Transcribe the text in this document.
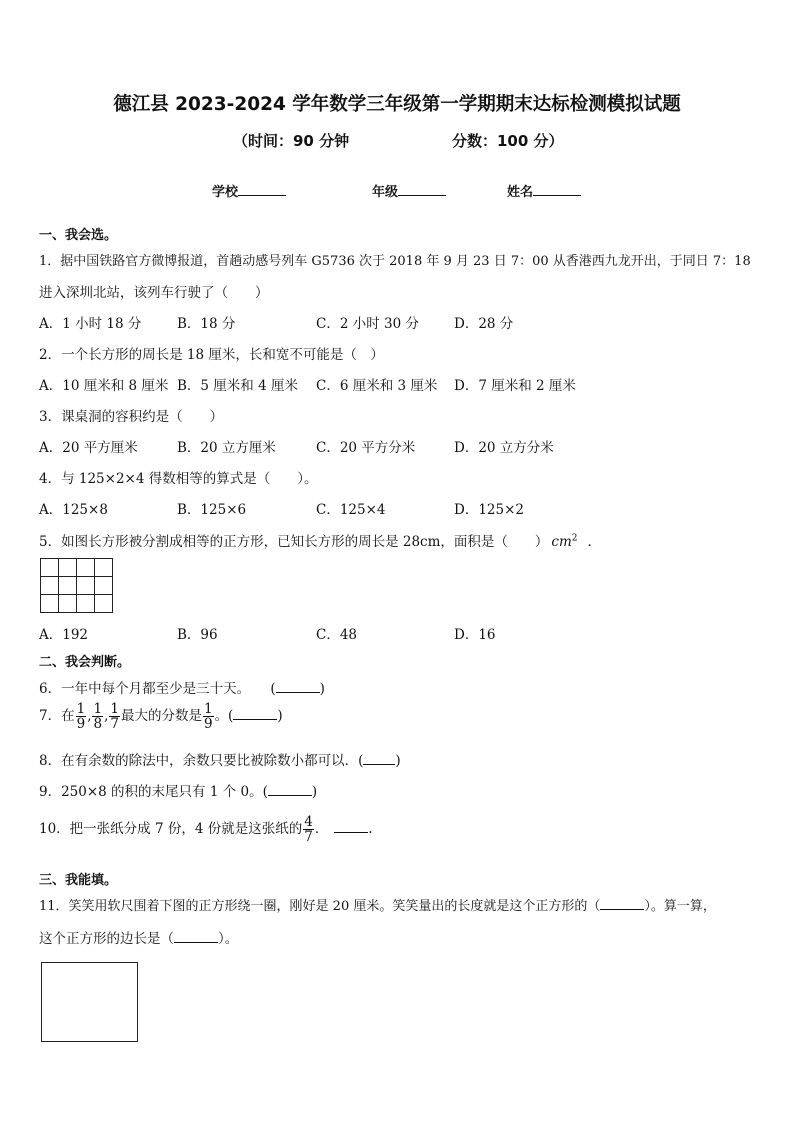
德江县 2023-2024 学年数学三年级第一学期期末达标检测模拟试题
（时间：90 分钟	分数：100 分）
学校	年级	姓名
一、我会选。
1．据中国铁路官方微博报道，首趟动感号列车 G5736 次于 2018 年 9 月 23 日 7：00 从香港西九龙开出，于同日 7：18
进入深圳北站，该列车行驶了（　　）
A．1 小时 18 分	B．18 分	C．2 小时 30 分	D．28 分
2．一个长方形的周长是 18 厘米，长和宽不可能是（　）
A．10 厘米和 8 厘米 B．5 厘米和 4 厘米 C．6 厘米和 3 厘米 D．7 厘米和 2 厘米
3．课桌洞的容积约是（　　）
A．20 平方厘米	B．20 立方厘米	C．20 平方分米	D．20 立方分米
4．与 125×2×4 得数相等的算式是（　　）。
A．125×8	B．125×6	C．125×4	D．125×2
5．如图长方形被分割成相等的正方形，已知长方形的周长是 28cm，面积是（　　） $cm^2$ ．

A．192	B．96	C．48	D．16
二、我会判断。
6．一年中每个月都至少是三十天。　　(	)
7．在 $\frac{1}{9}$ , $\frac{1}{8}$ , $\frac{1}{7}$ 最大的分数是 $\frac{1}{9}$ 。(	)
8．在有余数的除法中，余数只要比被除数小都可以．( )
9．250×8 的积的末尾只有 1 个 0。(	)
10．把一张纸分成 7 份，4 份就是这张纸的 $\frac{4}{7}$ ．	.
三、我能填。
11．笑笑用软尺围着下图的正方形绕一圈，刚好是 20 厘米。笑笑量出的长度就是这个正方形的（	）。算一算，
这个正方形的边长是（	）。
